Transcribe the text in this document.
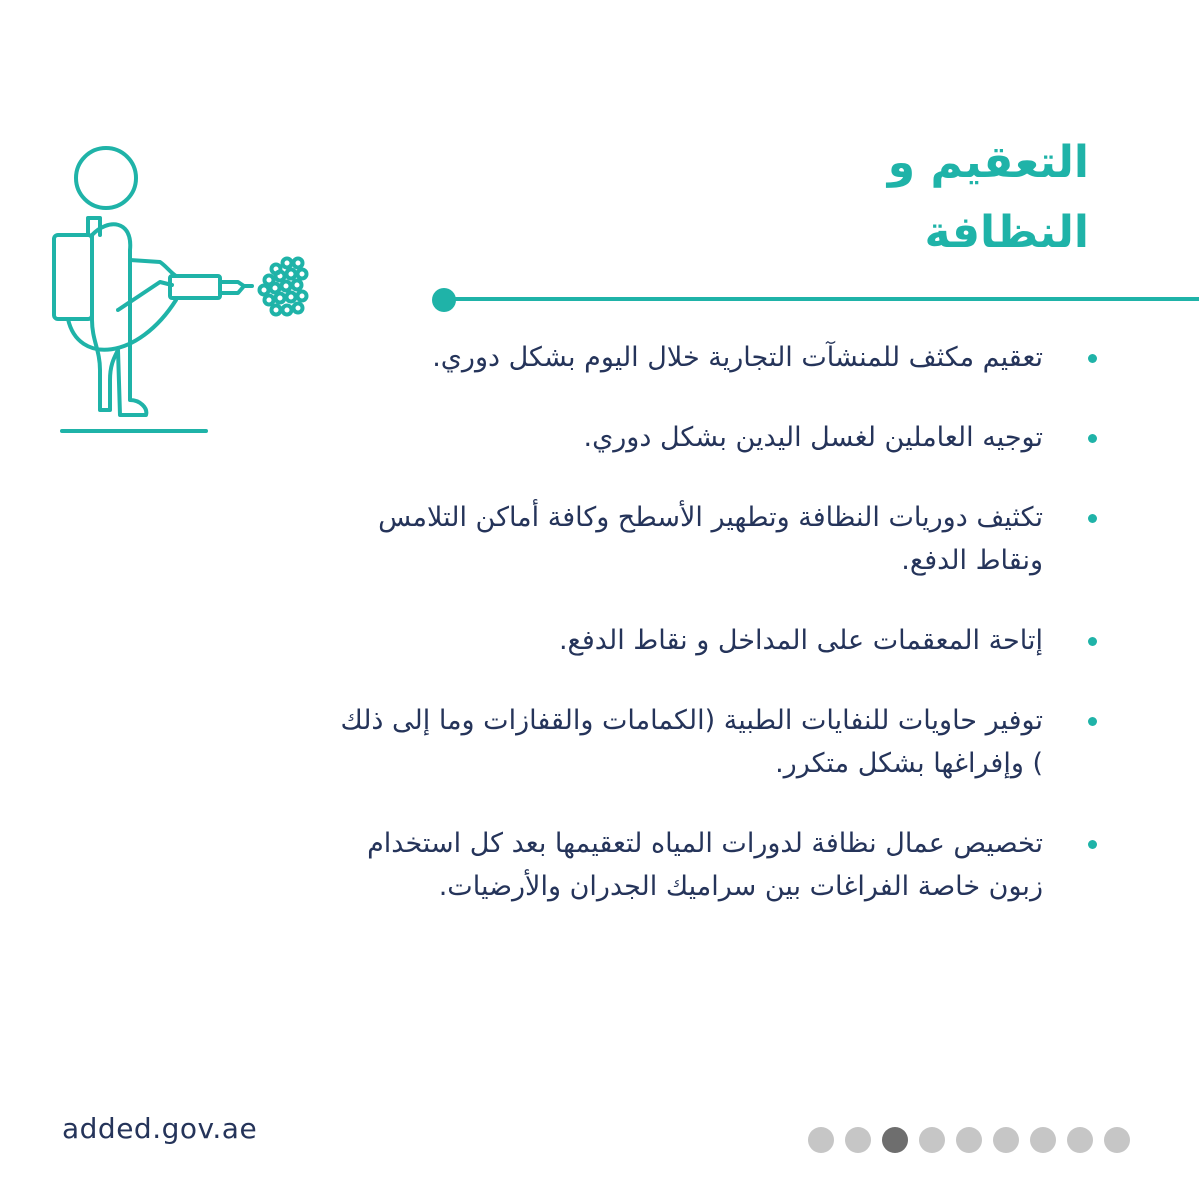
التعقيم و
النظافة
تعقيم مكثف للمنشآت التجارية خلال اليوم بشكل دوري.
توجيه العاملين لغسل اليدين بشكل دوري.
تكثيف دوريات النظافة وتطهير الأسطح وكافة أماكن التلامس ونقاط الدفع.
إتاحة المعقمات على المداخل و نقاط الدفع.
توفير حاويات للنفايات الطبية (الكمامات والقفازات وما إلى ذلك ) وإفراغها بشكل متكرر.
تخصيص عمال نظافة لدورات المياه لتعقيمها بعد كل استخدام زبون خاصة الفراغات بين سراميك الجدران والأرضيات.
added.gov.ae
